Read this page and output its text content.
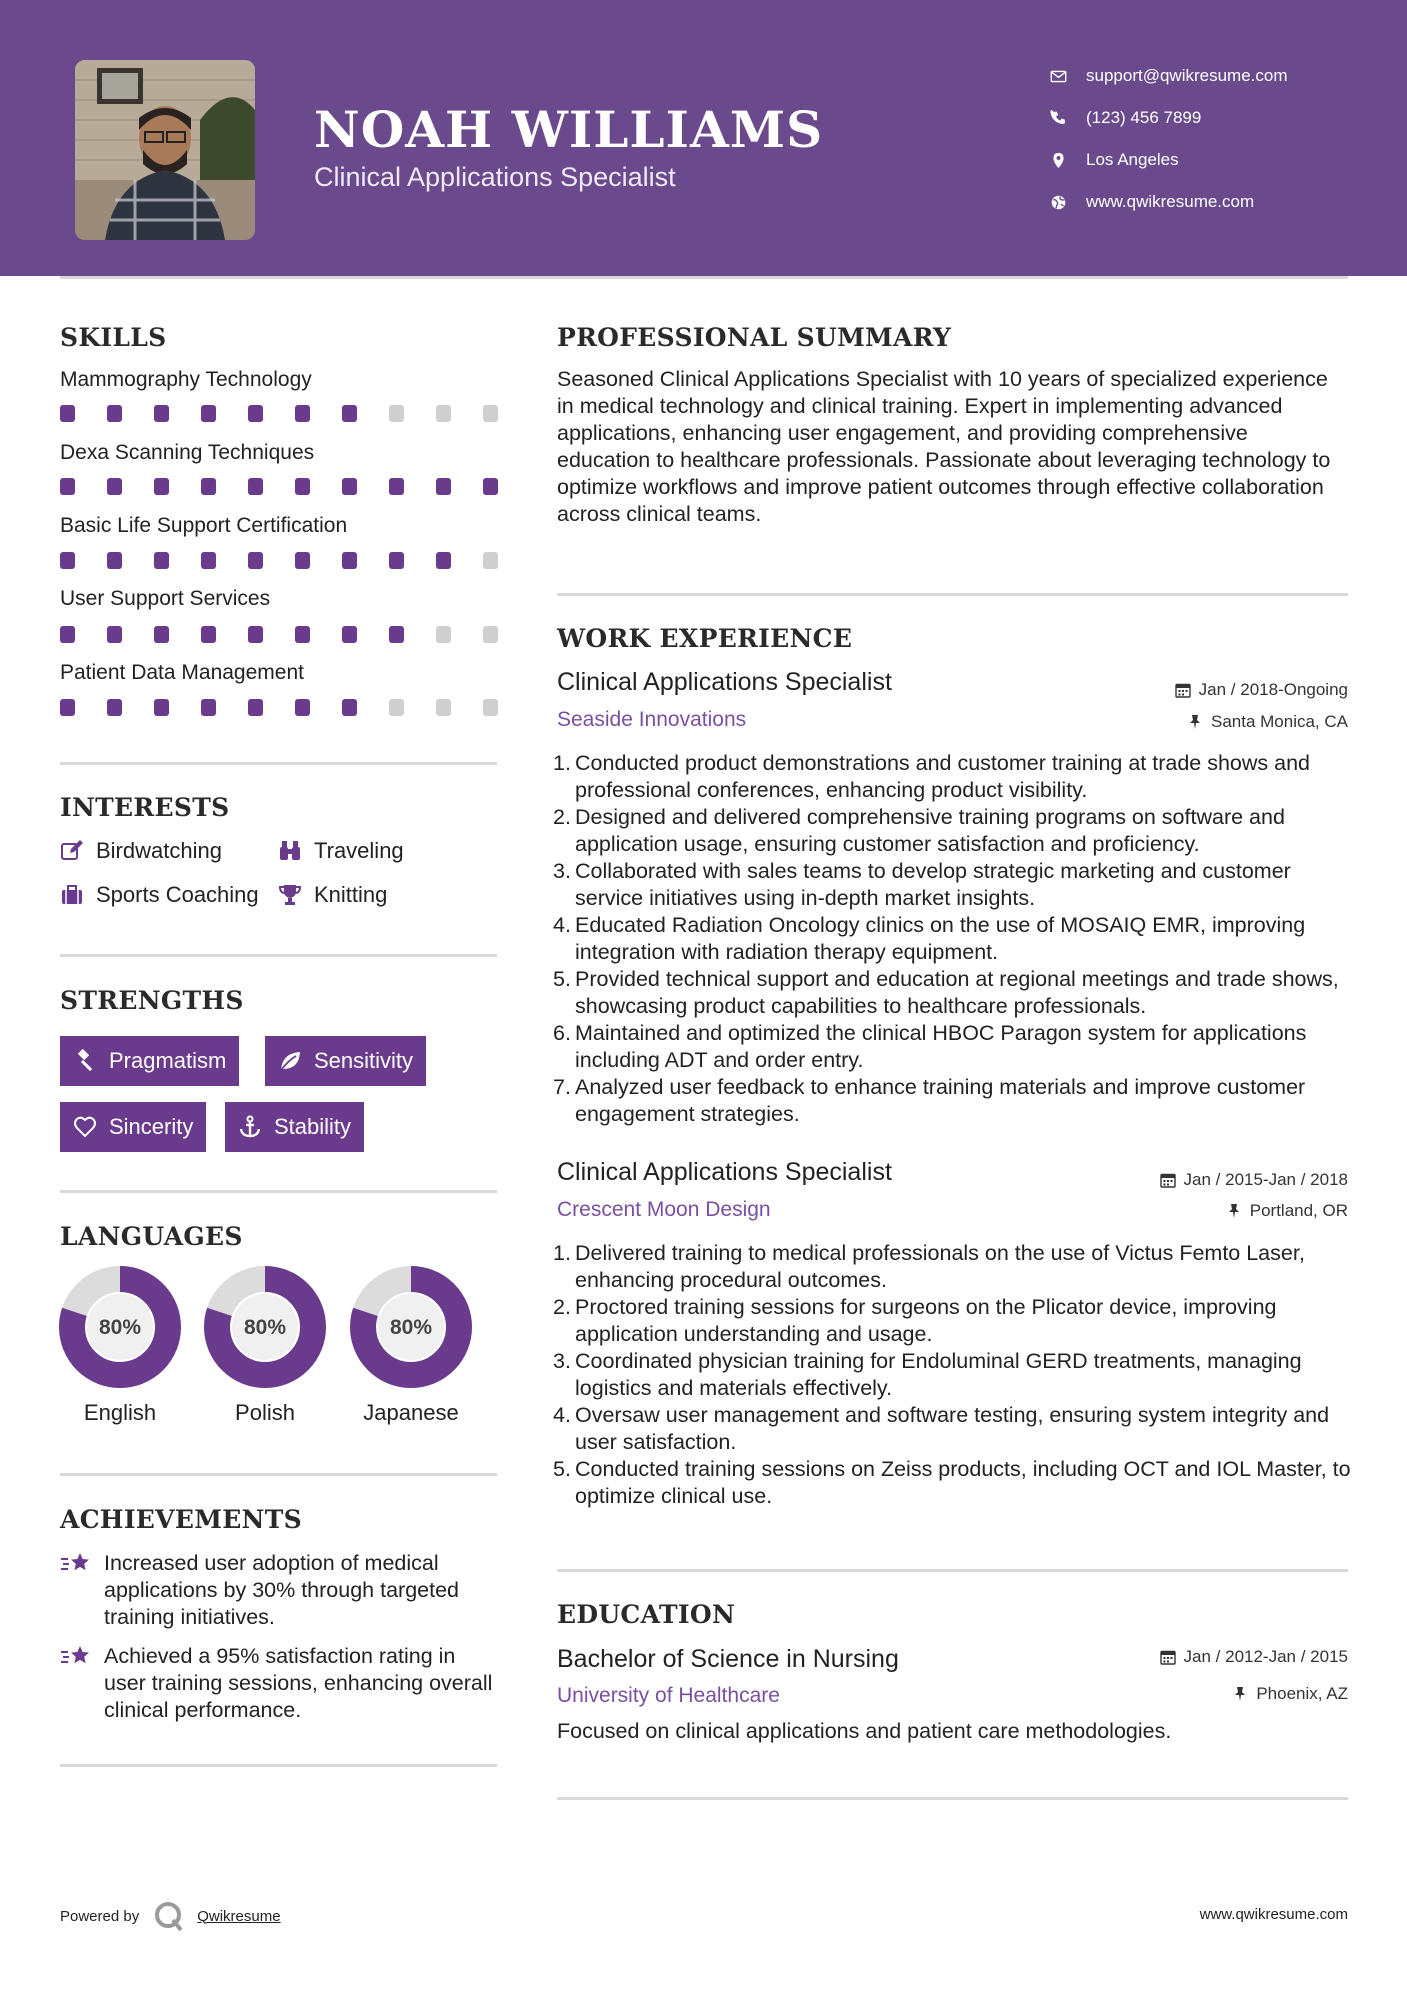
NOAH WILLIAMS
Clinical Applications Specialist
support@qwikresume.com
(123) 456 7899
Los Angeles
www.qwikresume.com
SKILLS
Mammography Technology
Dexa Scanning Techniques
Basic Life Support Certification
User Support Services
Patient Data Management
INTERESTS
Birdwatching	Traveling
Sports Coaching	Knitting
STRENGTHS
Pragmatism	Sensitivity
Sincerity	Stability
LANGUAGES
80%
English
80%
Polish
80%
Japanese
ACHIEVEMENTS
Increased user adoption of medical applications by 30% through targeted training initiatives.
Achieved a 95% satisfaction rating in user training sessions, enhancing overall clinical performance.
PROFESSIONAL SUMMARY
Seasoned Clinical Applications Specialist with 10 years of specialized experience in medical technology and clinical training. Expert in implementing advanced applications, enhancing user engagement, and providing comprehensive education to healthcare professionals. Passionate about leveraging technology to optimize workflows and improve patient outcomes through effective collaboration across clinical teams.
WORK EXPERIENCE
Clinical Applications Specialist	Jan / 2018-Ongoing
Seaside Innovations	Santa Monica, CA
1. Conducted product demonstrations and customer training at trade shows and professional conferences, enhancing product visibility.
2. Designed and delivered comprehensive training programs on software and application usage, ensuring customer satisfaction and proficiency.
3. Collaborated with sales teams to develop strategic marketing and customer service initiatives using in-depth market insights.
4. Educated Radiation Oncology clinics on the use of MOSAIQ EMR, improving integration with radiation therapy equipment.
5. Provided technical support and education at regional meetings and trade shows, showcasing product capabilities to healthcare professionals.
6. Maintained and optimized the clinical HBOC Paragon system for applications including ADT and order entry.
7. Analyzed user feedback to enhance training materials and improve customer engagement strategies.
Clinical Applications Specialist	Jan / 2015-Jan / 2018
Crescent Moon Design	Portland, OR
1. Delivered training to medical professionals on the use of Victus Femto Laser, enhancing procedural outcomes.
2. Proctored training sessions for surgeons on the Plicator device, improving application understanding and usage.
3. Coordinated physician training for Endoluminal GERD treatments, managing logistics and materials effectively.
4. Oversaw user management and software testing, ensuring system integrity and user satisfaction.
5. Conducted training sessions on Zeiss products, including OCT and IOL Master, to optimize clinical use.
EDUCATION
Bachelor of Science in Nursing	Jan / 2012-Jan / 2015
University of Healthcare	Phoenix, AZ
Focused on clinical applications and patient care methodologies.
Powered by	Qwikresume	www.qwikresume.com
